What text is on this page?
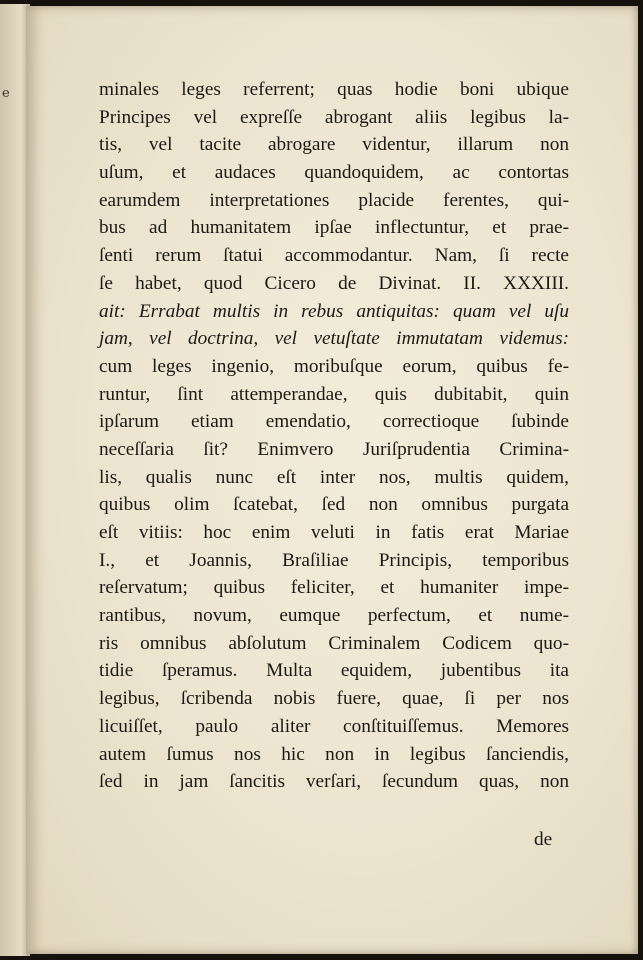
e	minales leges referrent; quas hodie boni ubique
Principes vel expreſſe abrogant aliis legibus la-
tis, vel tacite abrogare videntur, illarum non
uſum, et audaces quandoquidem, ac contortas
earumdem interpretationes placide ferentes, qui-
bus ad humanitatem ipſae inflectuntur, et prae-
ſenti rerum ſtatui accommodantur. Nam, ſi recte
ſe habet, quod Cicero de Divinat. II. XXXIII.
ait: Errabat multis in rebus antiquitas: quam vel uſu
jam, vel doctrina, vel vetuſtate immutatam videmus:
cum leges ingenio, moribuſque eorum, quibus fe-
runtur, ſint attemperandae, quis dubitabit, quin
ipſarum etiam emendatio, correctioque ſubinde
neceſſaria ſit? Enimvero Juriſprudentia Crimina-
lis, qualis nunc eſt inter nos, multis quidem,
quibus olim ſcatebat, ſed non omnibus purgata
eſt vitiis: hoc enim veluti in fatis erat Mariae
I., et Joannis, Braſiliae Principis, temporibus
reſervatum; quibus feliciter, et humaniter impe-
rantibus, novum, eumque perfectum, et nume-
ris omnibus abſolutum Criminalem Codicem quo-
tidie ſperamus. Multa equidem, jubentibus ita
legibus, ſcribenda nobis fuere, quae, ſi per nos
licuiſſet, paulo aliter conſtituiſſemus. Memores
autem ſumus nos hic non in legibus ſanciendis,
ſed in jam ſancitis verſari, ſecundum quas, non
de
